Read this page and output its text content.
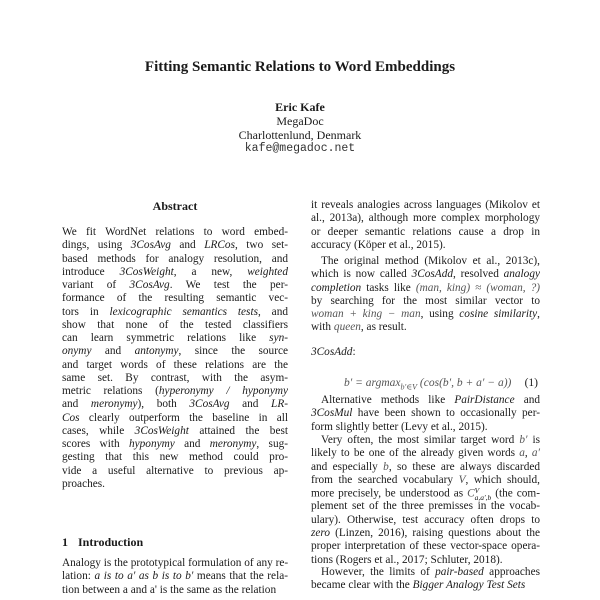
Fitting Semantic Relations to Word Embeddings
Eric Kafe
MegaDoc
Charlottenlund, Denmark
kafe@megadoc.net
Abstract
We fit WordNet relations to word embed-
dings, using 3CosAvg and LRCos, two set-
based methods for analogy resolution, and
introduce 3CosWeight, a new, weighted
variant of 3CosAvg. We test the per-
formance of the resulting semantic vec-
tors in lexicographic semantics tests, and
show that none of the tested classifiers
can learn symmetric relations like syn-
onymy and antonymy, since the source
and target words of these relations are the
same set. By contrast, with the asym-
metric relations (hyperonymy / hyponymy
and meronymy), both 3CosAvg and LR-
Cos clearly outperform the baseline in all
cases, while 3CosWeight attained the best
scores with hyponymy and meronymy, sug-
gesting that this new method could pro-
vide a useful alternative to previous ap-
proaches.
1 Introduction
Analogy is the prototypical formulation of any re-
lation: a is to a' as b is to b' means that the rela-
tion between a and a' is the same as the relation
it reveals analogies across languages (Mikolov et
al., 2013a), although more complex morphology
or deeper semantic relations cause a drop in
accuracy (Köper et al., 2015).
The original method (Mikolov et al., 2013c),
which is now called 3CosAdd, resolved analogy
completion tasks like (man, king) ≈ (woman, ?)
by searching for the most similar vector to
woman + king − man, using cosine similarity,
with queen, as result.
3CosAdd:
b′ = argmax$_{b'\in V}$ (cos(b′, b + a′ − a)) (1)
Alternative methods like PairDistance and
3CosMul have been shown to occasionally per-
form slightly better (Levy et al., 2015).
Very often, the most similar target word b′ is
likely to be one of the already given words a, a′
and especially b, so these are always discarded
from the searched vocabulary V, which should,
more precisely, be understood as C V
a,a′,b (the com-
plement set of the three premisses in the vocab-
ulary). Otherwise, test accuracy often drops to
zero (Linzen, 2016), raising questions about the
proper interpretation of these vector-space opera-
tions (Rogers et al., 2017; Schluter, 2018).
However, the limits of pair-based approaches
became clear with the Bigger Analogy Test Sets
